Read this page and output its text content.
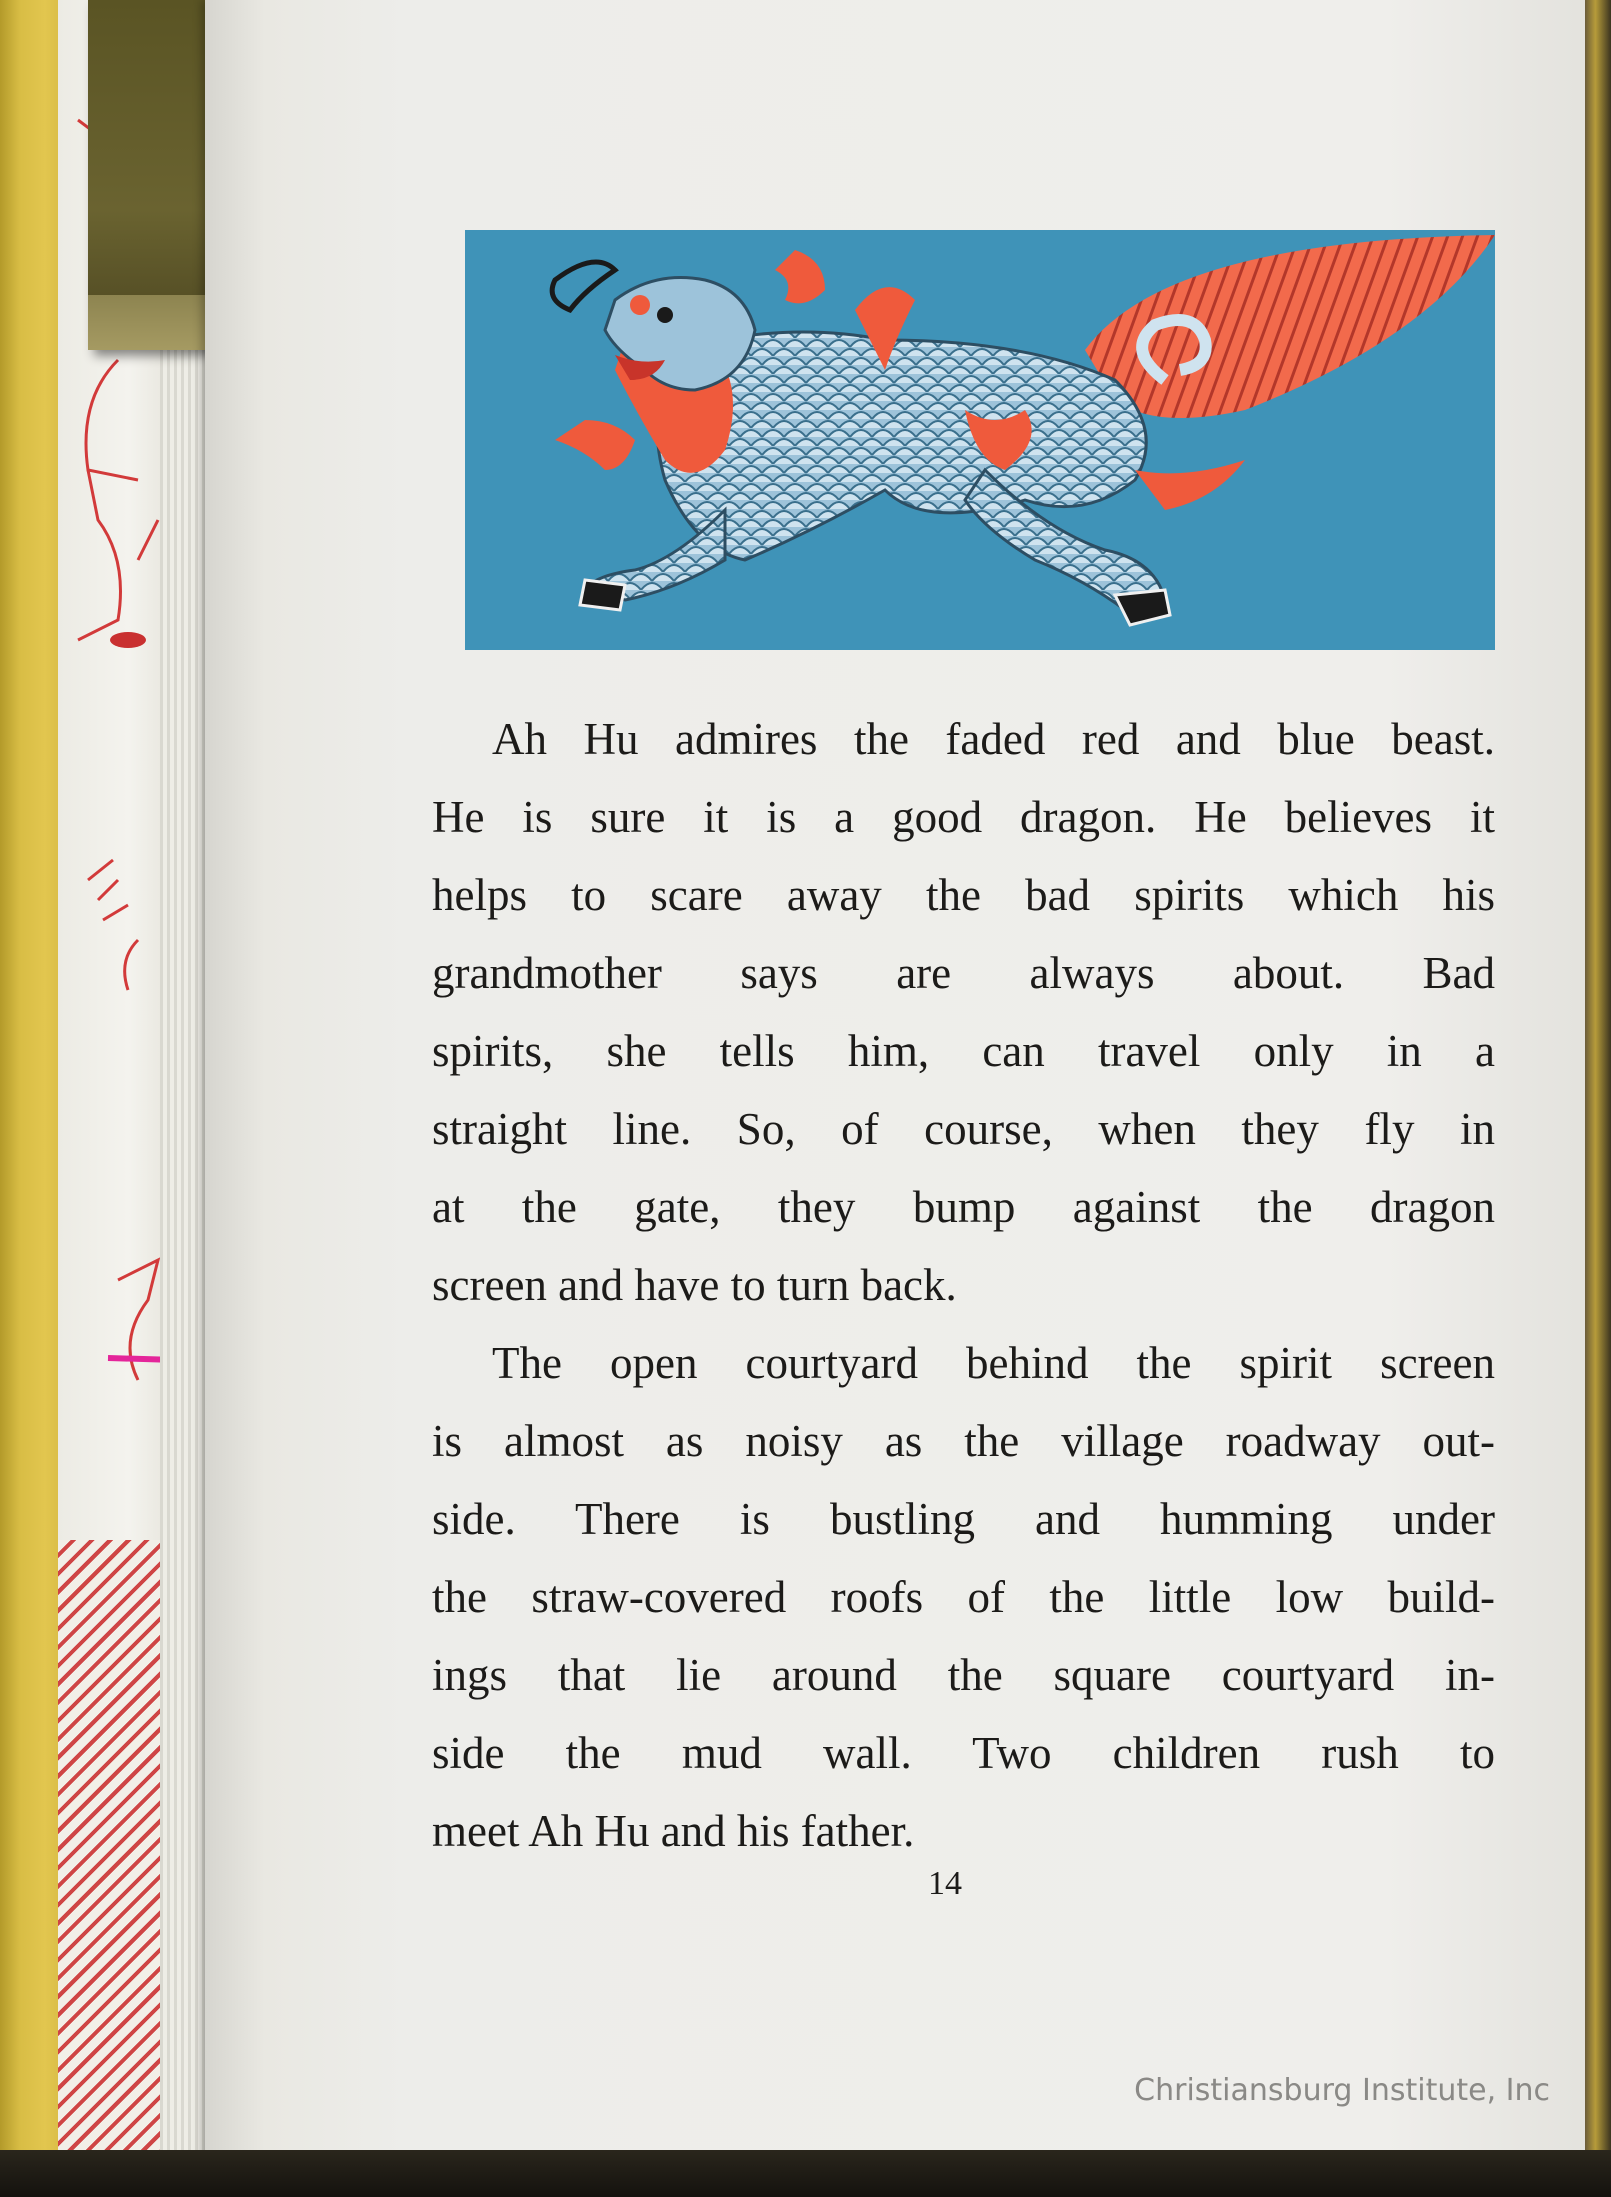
Ah Hu admires the faded red and blue beast.
He is sure it is a good dragon. He believes it
helps to scare away the bad spirits which his
grandmother says are always about. Bad
spirits, she tells him, can travel only in a
straight line. So, of course, when they fly in
at the gate, they bump against the dragon
screen and have to turn back.
The open courtyard behind the spirit screen
is almost as noisy as the village roadway out-
side. There is bustling and humming under
the straw-covered roofs of the little low build-
ings that lie around the square courtyard in-
side the mud wall. Two children rush to
meet Ah Hu and his father.
14
Christiansburg Institute, Inc
